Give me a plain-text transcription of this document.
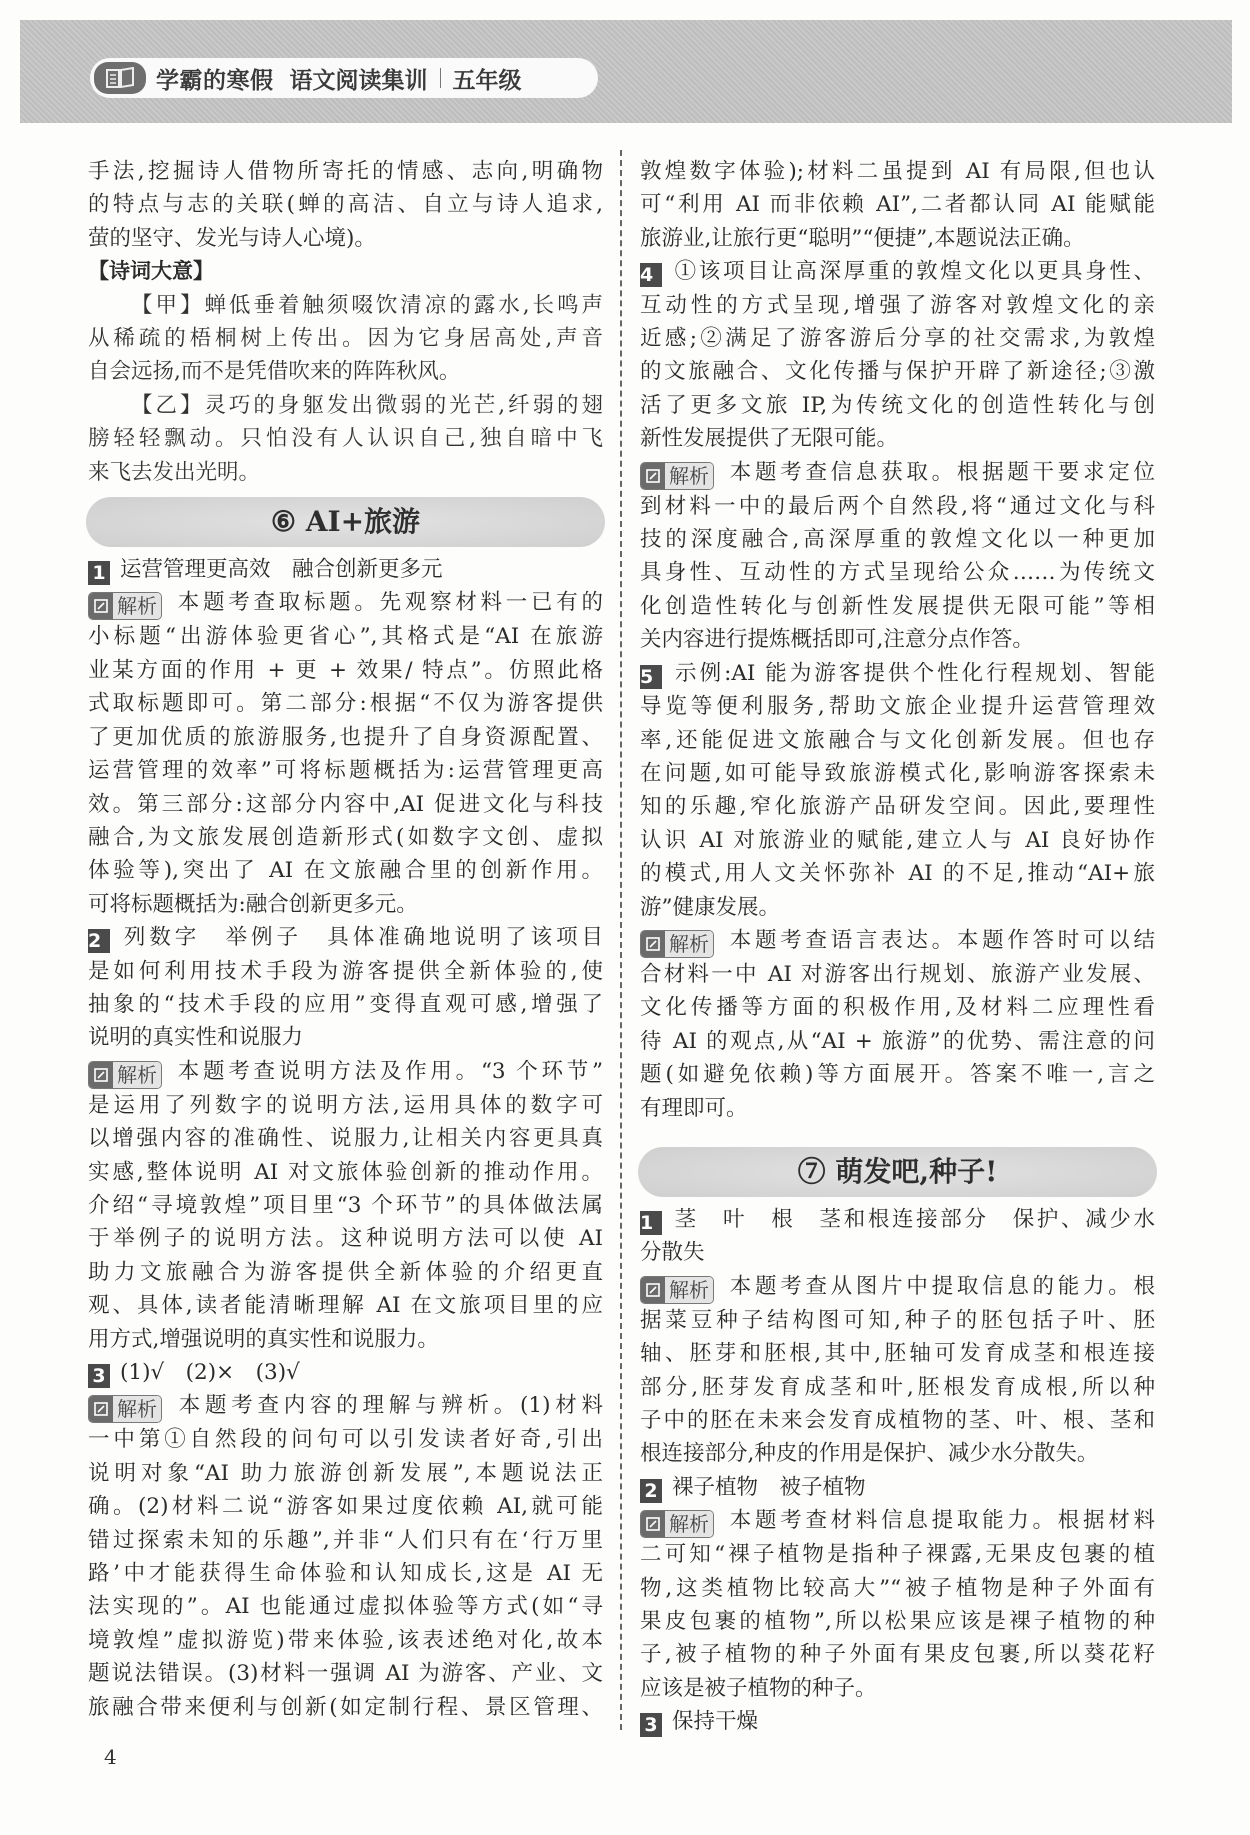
学霸的寒假 语文阅读集训 五年级
手法,挖掘诗人借物所寄托的情感、志向,明确物
的特点与志的关联(蝉的高洁、自立与诗人追求,
萤的坚守、发光与诗人心境)。
【诗词大意】
【甲】蝉低垂着触须啜饮清凉的露水,长鸣声
从稀疏的梧桐树上传出。因为它身居高处,声音
自会远扬,而不是凭借吹来的阵阵秋风。
【乙】灵巧的身躯发出微弱的光芒,纤弱的翅
膀轻轻飘动。只怕没有人认识自己,独自暗中飞
来飞去发出光明。
⑥ AI+旅游
1 运营管理更高效　融合创新更多元
解析 本题考查取标题。先观察材料一已有的
小标题“出游体验更省心”,其格式是“AI 在旅游
业某方面的作用 + 更 + 效果/ 特点”。仿照此格
式取标题即可。第二部分:根据“不仅为游客提供
了更加优质的旅游服务,也提升了自身资源配置、
运营管理的效率”可将标题概括为:运营管理更高
效。第三部分:这部分内容中,AI 促进文化与科技
融合,为文旅发展创造新形式(如数字文创、虚拟
体验等),突出了 AI 在文旅融合里的创新作用。
可将标题概括为:融合创新更多元。
2 列数字　举例子　具体准确地说明了该项目
是如何利用技术手段为游客提供全新体验的,使
抽象的“技术手段的应用”变得直观可感,增强了
说明的真实性和说服力
解析 本题考查说明方法及作用。“3 个环节”
是运用了列数字的说明方法,运用具体的数字可
以增强内容的准确性、说服力,让相关内容更具真
实感,整体说明 AI 对文旅体验创新的推动作用。
介绍“寻境敦煌”项目里“3 个环节”的具体做法属
于举例子的说明方法。这种说明方法可以使 AI
助力文旅融合为游客提供全新体验的介绍更直
观、具体,读者能清晰理解 AI 在文旅项目里的应
用方式,增强说明的真实性和说服力。
3 (1)√　(2)×　(3)√
解析 本题考查内容的理解与辨析。(1)材料
一中第①自然段的问句可以引发读者好奇,引出
说明对象“AI 助力旅游创新发展”,本题说法正
确。(2)材料二说“游客如果过度依赖 AI,就可能
错过探索未知的乐趣”,并非“人们只有在‘行万里
路’中才能获得生命体验和认知成长,这是 AI 无
法实现的”。AI 也能通过虚拟体验等方式(如“寻
境敦煌”虚拟游览)带来体验,该表述绝对化,故本
题说法错误。(3)材料一强调 AI 为游客、产业、文
旅融合带来便利与创新(如定制行程、景区管理、
敦煌数字体验);材料二虽提到 AI 有局限,但也认
可“利用 AI 而非依赖 AI”,二者都认同 AI 能赋能
旅游业,让旅行更“聪明”“便捷”,本题说法正确。
4 ①该项目让高深厚重的敦煌文化以更具身性、
互动性的方式呈现,增强了游客对敦煌文化的亲
近感;②满足了游客游后分享的社交需求,为敦煌
的文旅融合、文化传播与保护开辟了新途径;③激
活了更多文旅 IP,为传统文化的创造性转化与创
新性发展提供了无限可能。
解析 本题考查信息获取。根据题干要求定位
到材料一中的最后两个自然段,将“通过文化与科
技的深度融合,高深厚重的敦煌文化以一种更加
具身性、互动性的方式呈现给公众……为传统文
化创造性转化与创新性发展提供无限可能”等相
关内容进行提炼概括即可,注意分点作答。
5 示例:AI 能为游客提供个性化行程规划、智能
导览等便利服务,帮助文旅企业提升运营管理效
率,还能促进文旅融合与文化创新发展。但也存
在问题,如可能导致旅游模式化,影响游客探索未
知的乐趣,窄化旅游产品研发空间。因此,要理性
认识 AI 对旅游业的赋能,建立人与 AI 良好协作
的模式,用人文关怀弥补 AI 的不足,推动“AI+旅
游”健康发展。
解析 本题考查语言表达。本题作答时可以结
合材料一中 AI 对游客出行规划、旅游产业发展、
文化传播等方面的积极作用,及材料二应理性看
待 AI 的观点,从“AI + 旅游”的优势、需注意的问
题(如避免依赖)等方面展开。答案不唯一,言之
有理即可。
⑦ 萌发吧,种子!
1 茎　叶　根　茎和根连接部分　保护、减少水
分散失
解析 本题考查从图片中提取信息的能力。根
据菜豆种子结构图可知,种子的胚包括子叶、胚
轴、胚芽和胚根,其中,胚轴可发育成茎和根连接
部分,胚芽发育成茎和叶,胚根发育成根,所以种
子中的胚在未来会发育成植物的茎、叶、根、茎和
根连接部分,种皮的作用是保护、减少水分散失。
2 裸子植物　被子植物
解析 本题考查材料信息提取能力。根据材料
二可知“裸子植物是指种子裸露,无果皮包裹的植
物,这类植物比较高大”“被子植物是种子外面有
果皮包裹的植物”,所以松果应该是裸子植物的种
子,被子植物的种子外面有果皮包裹,所以葵花籽
应该是被子植物的种子。
3 保持干燥
4
